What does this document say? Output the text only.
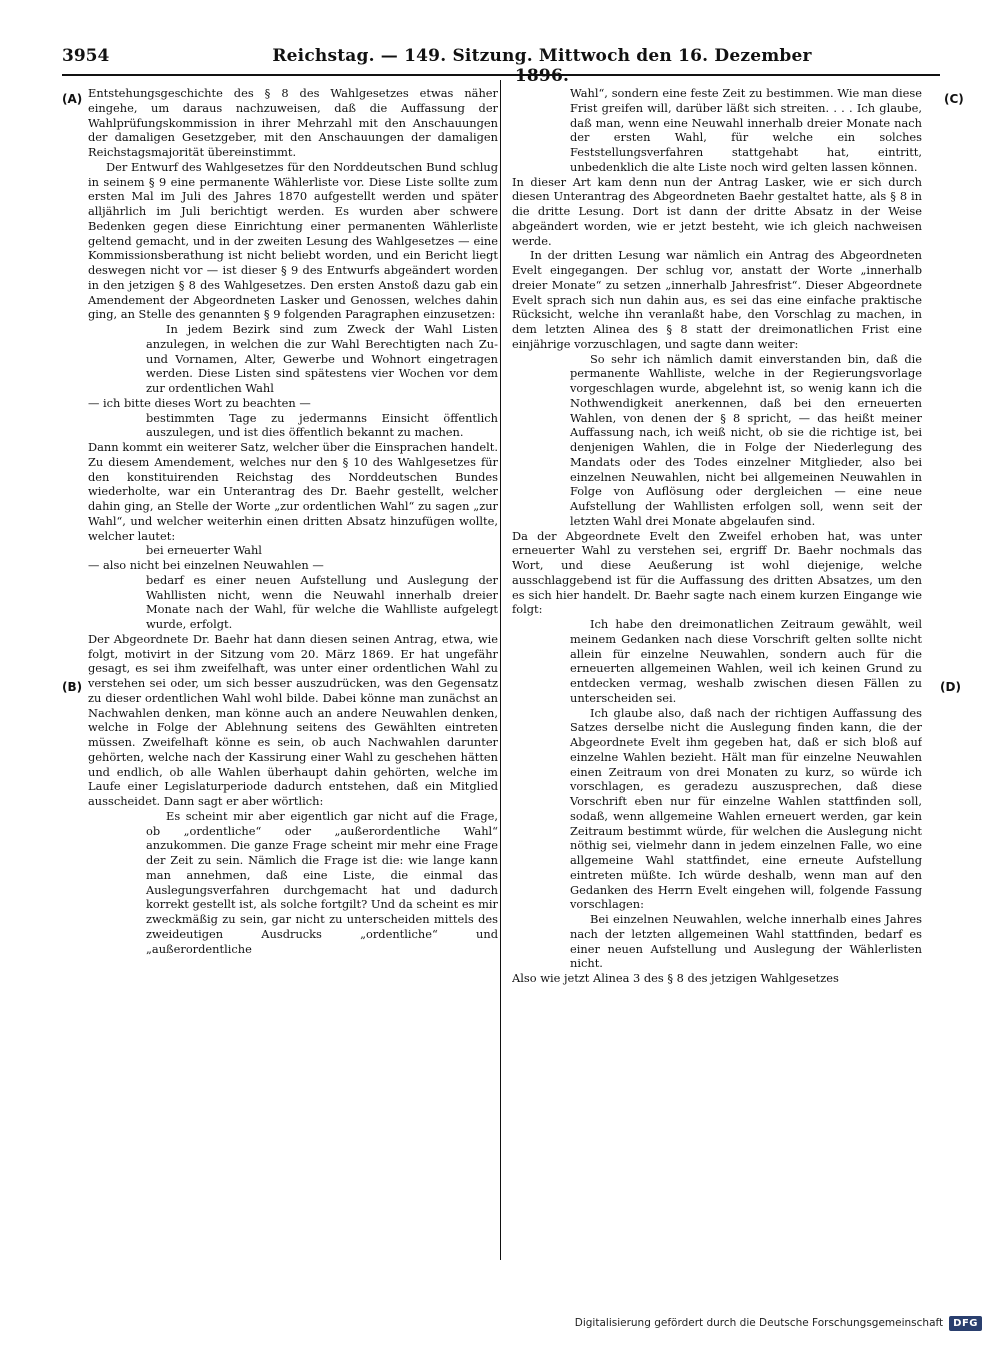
3954	Reichstag. — 149. Sitzung. Mittwoch den 16. Dezember 1896.
(A)
(B)
(C)
(D)

Entstehungsgeschichte des § 8 des Wahlgesetzes etwas näher eingehe, um daraus nachzuweisen, daß die Auffassung der Wahlprüfungskommission in ihrer Mehrzahl mit den Anschauungen der damaligen Gesetzgeber, mit den Anschauungen der damaligen Reichstagsmajorität übereinstimmt.

Der Entwurf des Wahlgesetzes für den Norddeutschen Bund schlug in seinem § 9 eine permanente Wählerliste vor. Diese Liste sollte zum ersten Mal im Juli des Jahres 1870 aufgestellt werden und später alljährlich im Juli berichtigt werden. Es wurden aber schwere Bedenken gegen diese Einrichtung einer permanenten Wählerliste geltend gemacht, und in der zweiten Lesung des Wahlgesetzes — eine Kommissionsberathung ist nicht beliebt worden, und ein Bericht liegt deswegen nicht vor — ist dieser § 9 des Entwurfs abgeändert worden in den jetzigen § 8 des Wahlgesetzes. Den ersten Anstoß dazu gab ein Amendement der Abgeordneten Lasker und Genossen, welches dahin ging, an Stelle des genannten § 9 folgenden Paragraphen einzusetzen:

In jedem Bezirk sind zum Zweck der Wahl Listen anzulegen, in welchen die zur Wahl Berechtigten nach Zu- und Vornamen, Alter, Gewerbe und Wohnort eingetragen werden. Diese Listen sind spätestens vier Wochen vor dem zur ordentlichen Wahl

— ich bitte dieses Wort zu beachten —

bestimmten Tage zu jedermanns Einsicht öffentlich auszulegen, und ist dies öffentlich bekannt zu machen.

Dann kommt ein weiterer Satz, welcher über die Einsprachen handelt. Zu diesem Amendement, welches nur den § 10 des Wahlgesetzes für den konstituirenden Reichstag des Norddeutschen Bundes wiederholte, war ein Unterantrag des Dr. Baehr gestellt, welcher dahin ging, an Stelle der Worte „zur ordentlichen Wahl“ zu sagen „zur Wahl“, und welcher weiterhin einen dritten Absatz hinzufügen wollte, welcher lautet:

bei erneuerter Wahl

— also nicht bei einzelnen Neuwahlen —

bedarf es einer neuen Aufstellung und Auslegung der Wahllisten nicht, wenn die Neuwahl innerhalb dreier Monate nach der Wahl, für welche die Wahlliste aufgelegt wurde, erfolgt.

Der Abgeordnete Dr. Baehr hat dann diesen seinen Antrag, etwa, wie folgt, motivirt in der Sitzung vom 20. März 1869. Er hat ungefähr gesagt, es sei ihm zweifelhaft, was unter einer ordentlichen Wahl zu verstehen sei oder, um sich besser auszudrücken, was den Gegensatz zu dieser ordentlichen Wahl wohl bilde. Dabei könne man zunächst an Nachwahlen denken, man könne auch an andere Neuwahlen denken, welche in Folge der Ablehnung seitens des Gewählten eintreten müssen. Zweifelhaft könne es sein, ob auch Nachwahlen darunter gehörten, welche nach der Kassirung einer Wahl zu geschehen hätten und endlich, ob alle Wahlen überhaupt dahin gehörten, welche im Laufe einer Legislaturperiode dadurch entstehen, daß ein Mitglied ausscheidet. Dann sagt er aber wörtlich:

Es scheint mir aber eigentlich gar nicht auf die Frage, ob „ordentliche“ oder „außerordentliche Wahl“ anzukommen. Die ganze Frage scheint mir mehr eine Frage der Zeit zu sein. Nämlich die Frage ist die: wie lange kann man annehmen, daß eine Liste, die einmal das Auslegungsverfahren durchgemacht hat und dadurch korrekt gestellt ist, als solche fortgilt? Und da scheint es mir zweckmäßig zu sein, gar nicht zu unterscheiden mittels des zweideutigen Ausdrucks „ordentliche“ und „außerordentliche

Wahl“, sondern eine feste Zeit zu bestimmen. Wie man diese Frist greifen will, darüber läßt sich streiten. . . . Ich glaube, daß man, wenn eine Neuwahl innerhalb dreier Monate nach der ersten Wahl, für welche ein solches Feststellungsverfahren stattgehabt hat, eintritt, unbedenklich die alte Liste noch wird gelten lassen können.

In dieser Art kam denn nun der Antrag Lasker, wie er sich durch diesen Unterantrag des Abgeordneten Baehr gestaltet hatte, als § 8 in die dritte Lesung. Dort ist dann der dritte Absatz in der Weise abgeändert worden, wie er jetzt besteht, wie ich gleich nachweisen werde.

In der dritten Lesung war nämlich ein Antrag des Abgeordneten Evelt eingegangen. Der schlug vor, anstatt der Worte „innerhalb dreier Monate“ zu setzen „innerhalb Jahresfrist“. Dieser Abgeordnete Evelt sprach sich nun dahin aus, es sei das eine einfache praktische Rücksicht, welche ihn veranlaßt habe, den Vorschlag zu machen, in dem letzten Alinea des § 8 statt der dreimonatlichen Frist eine einjährige vorzuschlagen, und sagte dann weiter:

So sehr ich nämlich damit einverstanden bin, daß die permanente Wahlliste, welche in der Regierungsvorlage vorgeschlagen wurde, abgelehnt ist, so wenig kann ich die Nothwendigkeit anerkennen, daß bei den erneuerten Wahlen, von denen der § 8 spricht, — das heißt meiner Auffassung nach, ich weiß nicht, ob sie die richtige ist, bei denjenigen Wahlen, die in Folge der Niederlegung des Mandats oder des Todes einzelner Mitglieder, also bei einzelnen Neuwahlen, nicht bei allgemeinen Neuwahlen in Folge von Auflösung oder dergleichen — eine neue Aufstellung der Wahllisten erfolgen soll, wenn seit der letzten Wahl drei Monate abgelaufen sind.

Da der Abgeordnete Evelt den Zweifel erhoben hat, was unter erneuerter Wahl zu verstehen sei, ergriff Dr. Baehr nochmals das Wort, und diese Aeußerung ist wohl diejenige, welche ausschlaggebend ist für die Auffassung des dritten Absatzes, um den es sich hier handelt. Dr. Baehr sagte nach einem kurzen Eingange wie folgt:

Ich habe den dreimonatlichen Zeitraum gewählt, weil meinem Gedanken nach diese Vorschrift gelten sollte nicht allein für einzelne Neuwahlen, sondern auch für die erneuerten allgemeinen Wahlen, weil ich keinen Grund zu entdecken vermag, weshalb zwischen diesen Fällen zu unterscheiden sei.

Ich glaube also, daß nach der richtigen Auffassung des Satzes derselbe nicht die Auslegung finden kann, die der Abgeordnete Evelt ihm gegeben hat, daß er sich bloß auf einzelne Wahlen bezieht. Hält man für einzelne Neuwahlen einen Zeitraum von drei Monaten zu kurz, so würde ich vorschlagen, es geradezu auszusprechen, daß diese Vorschrift eben nur für einzelne Wahlen stattfinden soll, sodaß, wenn allgemeine Wahlen erneuert werden, gar kein Zeitraum bestimmt würde, für welchen die Auslegung nicht nöthig sei, vielmehr dann in jedem einzelnen Falle, wo eine allgemeine Wahl stattfindet, eine erneute Aufstellung eintreten müßte. Ich würde deshalb, wenn man auf den Gedanken des Herrn Evelt eingehen will, folgende Fassung vorschlagen:

Bei einzelnen Neuwahlen, welche innerhalb eines Jahres nach der letzten allgemeinen Wahl stattfinden, bedarf es einer neuen Aufstellung und Auslegung der Wählerlisten nicht.

Also wie jetzt Alinea 3 des § 8 des jetzigen Wahlgesetzes

Digitalisierung gefördert durch die Deutsche Forschungsgemeinschaft	DFG
